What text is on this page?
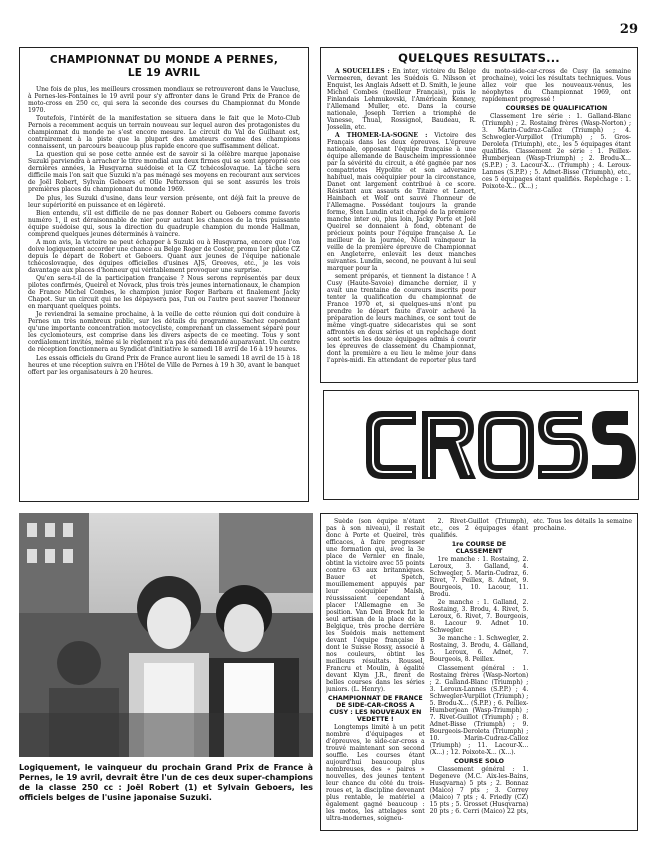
29
CHAMPIONNAT DU MONDE A PERNES,
LE 19 AVRIL

Une fois de plus, les meilleurs crossmen mondiaux se retrouveront dans le Vaucluse, à Pernes-les-Fontaines le 19 avril pour s'y affronter dans le Grand Prix de France de moto-cross en 250 cc, qui sera la seconde des courses du Championnat du Monde 1970.

Toutefois, l'intérêt de la manifestation se situera dans le fait que le Moto-Club Pernois a recemment acquis un terrain nouveau sur lequel auron des protagonistes du championnat du monde ne s'est encore mesure. Le circuit du Val de Guilhaut est, contrairement à la piste que la plupart des amateurs comme des champions connaissent, un parcours beaucoup plus rapide encore que suffisamment délicat.

La question qui se pose cette année est de savoir si la célèbre marque japonaise Suzuki parviendra à arracher le titre mondial aux deux firmes qui se sont approprié ces dernières années, la Husqvarna suédoise et la CZ tchécoslovaque. La tâche sera difficile mais l'on sait que Suzuki n'a pas ménagé ses moyens en recourant aux services de Joël Robert, Sylvain Geboers et Olle Pettersson qui se sont assurés les trois premières places du championnat du monde 1969.

De plus, les Suzuki d'usine, dans leur version présente, ont déjà fait la preuve de leur supériorité en puissance et en légèreté.

Bien entendu, s'il est difficile de ne pas donner Robert ou Geboers comme favoris numéro 1, il est déraisonnable de nier pour autant les chances de la très puissante équipe suédoise qui, sous la direction du quadruple champion du monde Hallman, comprend quelques jeunes déterminés à vaincre.

A mon avis, la victoire ne peut échapper à Suzuki ou à Husqvarna, encore que l'on doive logiquement accorder une chance au Belge Roger de Coster, promu 1er pilote CZ depuis le départ de Robert et Geboers. Quant aux jeunes de l'équipe nationale tchécoslovaque, des équipes officielles d'usines AJS, Greeves, etc., je les vois davantage aux places d'honneur qui véritablement provoquer une surprise.

Qu'en sera-t-il de la participation française ? Nous serons représentés par deux pilotes confirmés, Queirel et Novack, plus trois très jeunes internationaux, le champion de France Michel Combes, le champion junior Roger Barbara et finalement Jacky Chapot. Sur un circuit qui ne les dépaysera pas, l'un ou l'autre peut sauver l'honneur en marquant quelques points.

Je reviendrai la semaine prochaine, à la veille de cette réunion qui doit conduire à Pernes un très nombreux public, sur les détails du programme. Sachez cependant qu'une importante concentration motocycliste, comprenant un classement séparé pour les cyclomoteurs, est comprise dans les divers aspects de ce meeting. Tous y sont cordialement invités, même si le règlement n'a pas été demandé auparavant. Un centre de réception fonctionnera au Syndicat d'initiative le samedi 18 avril de 16 à 19 heures.

Les essais officiels du Grand Prix de France auront lieu le samedi 18 avril de 15 à 18 heures et une réception suivra en l'Hôtel de Ville de Pernes à 19 h 30, avant le banquet offert par les organisateurs à 20 heures.

QUELQUES RESULTATS...

A SOUCELLES : En inter, victoire du Belge Vermeeren, devant les Suédois G. Nilsson et Enquist, les Anglais Adsett et D. Smith, le jeune Michel Combes (meilleur Français), puis le Finlandais Lehmukovski, l'Américain Kenney, l'Allemand Muller, etc. Dans la course nationale, Joseph Terrien a triomphé de Vanesse, Thual, Rossignol, Baudeau, R. Josselin, etc.

A THOMER-LA-SOGNE : Victoire des Français dans les deux épreuves. L'épreuve nationale, opposant l'équipe française à une équipe allemande de Bauscheim impressionnée par la sévérité du circuit, a été gagnée par nos compatriotes Hypolite et son adversaire habituel, mais coéquipier pour la circonstance, Danet ont largement contribué à ce score. Résistant aux assauts de Titaire et Lenort, Hainbach et Wolf ont sauvé l'honneur de l'Allemagne. Possédant toujours la grande forme, Sten Lundin etait chargé de la premiere manche inter où, plus loin, Jacky Porte et Joël Queirel se donnaient à fond, obtenant de précieux points pour l'équipe française A. Le meilleur de la journée, Nicoll vainqueur la veille de la première épreuve de Championnat en Angleterre, enlevait les deux manches suivantes. Lundin, second, ne pouvant à lui seul marquer pour la

sement préparés, et tiennent la distance ! A Cusy (Haute-Savoie) dimanche dernier, il y avait une trentaine de coureurs inscrits pour tenter la qualification du championnat de France 1970 et, si quelques-uns n'ont pu prendre le départ faute d'avoir achevé la préparation de leurs machines, ce sont tout de même vingt-quatre sidecaristes qui se sont affrontés en deux séries et un repêchage dont sont sortis les douze équipages admis à courir les épreuves de classement du Championnat, dont la première a eu lieu le même jour dans l'après-midi. En attendant de reporter plus tard du moto-side-car-cross de Cusy (la semaine prochaine), voici les résultats techniques. Vous allez voir que les nouveaux-venus, les néophytes du Championnat 1969, ont rapidement progressé !

COURSES DE QUALIFICATION

Classement 1re série : 1. Galland-Blanc (Triumph) ; 2. Rostaing frères (Wasp-Norton) ; 3. Marin-Cudraz-Calloz (Triumph) ; 4. Schwegler-Vurpillot (Triumph) ; 5. Gros-Deroleta (Triumph), etc., les 5 équipages étant qualifiés. Classement 2e série : 1. Peillex-Humberjean (Wasp-Triumph) ; 2. Brodu-X... (S.P.P.) ; 3. Lacour-X... (Triumph) ; 4. Leroux-Lannes (S.P.P.) ; 5. Adnet-Bisse (Triumph), etc., ces 5 équipages étant qualifiés. Repêchage : 1. Poixote-X... (X...) ;

CROSS
Logiquement, le vainqueur du prochain Grand Prix de France à Pernes, le 19 avril, devrait être l'un de ces deux super-champions de la classe 250 cc : Joël Robert (1) et Sylvain Geboers, les officiels belges de l'usine japonaise Suzuki.

Suède (son équipe n'étant pas à son niveau), il restait donc à Porte et Queirel, très efficaces, à faire progresser une formation qui, avec la 3e place de Vernier en finale, obtint la victoire avec 55 points contre 63 aux britanniques. Bauer et Spetch, mouillemement appuyés par leur coéquipier Maish, réussissaient cependant à placer l'Allemagne en 3e position. Van Den Broek fut le seul artisan de la place de la Belgique, très proche derrière les Suédois mais nettement devant l'équipe française B dont le Suisse Rossy, associé à nos couleurs, obtint les meilleurs résultats. Roussel, Francru et Moulin, à égalité devant Klym J.R., firent de belles courses dans les séries juniors. (L. Henry).

CHAMPIONNAT DE FRANCE DE SIDE-CAR-CROSS A CUSY : LES NOUVEAUX EN VEDETTE !

Longtemps limité à un petit nombre d'équipages et d'épreuves, le side-car-cross a trouvé maintenant son second souffle. Les courses étant aujourd'hui beaucoup plus nombreuses, des « paires » nouvelles, des jeunes tentent leur chance du côté du trois-roues et, la discipline devenant plus rentable, le matériel a également gagné beaucoup : les motos, les attelages sont ultra-modernes, soigneu-

2. Rivet-Guillot (Triumph), etc., ces 2 équipages étant qualifiés.

1re COURSE DE CLASSEMENT

1re manche : 1. Rostaing, 2. Leroux, 3. Galland, 4. Schwegler, 5. Marin-Cudraz, 6. Rivet, 7. Peillex, 8. Adnet, 9. Bourgeois, 10. Lacour, 11. Brodu.

2e manche : 1. Galland, 2. Rostaing, 3. Brodu, 4. Rivet, 5. Leroux, 6. Rivet, 7. Bourgeois, 8. Lacour 9. Adnet 10. Schwegler.

3e manche : 1. Schwegler, 2. Rostaing, 3. Brodu, 4. Galland, 5. Leroux, 6. Adnet, 7. Bourgeois, 8. Peillex.

Classement général : 1. Rostaing frères (Wasp-Norton) ; 2. Galland-Blanc (Triumph) ; 3. Leroux-Lannes (S.P.P.) ; 4. Schwegler-Vurpillot (Triumph) ; 5. Brodu-X... (S.P.P.) ; 6. Peillex-Humberjean (Wasp-Triumph) ; 7. Rivet-Guillot (Triumph) ; 8. Adnet-Bisse (Triumph) ; 9. Bourgeois-Deroleta (Triumph) ; 10. Marin-Cudraz-Calloz (Triumph) ; 11. Lacour-X... (X...) ; 12. Poixote-X... (X...).

COURSE SOLO

Classement général : 1. Degeneve (M.C. Aix-les-Bains, Husqvarna) 5 pts ; 2. Bonnaz (Maico) 7 pts ; 3. Correy (Maico) 7 pts ; 4. Friedly (CZ) 15 pts ; 5. Grosset (Husqvarna) 20 pts ; 6. Cerri (Maico) 22 pts, etc. Tous les détails la semaine prochaine.
